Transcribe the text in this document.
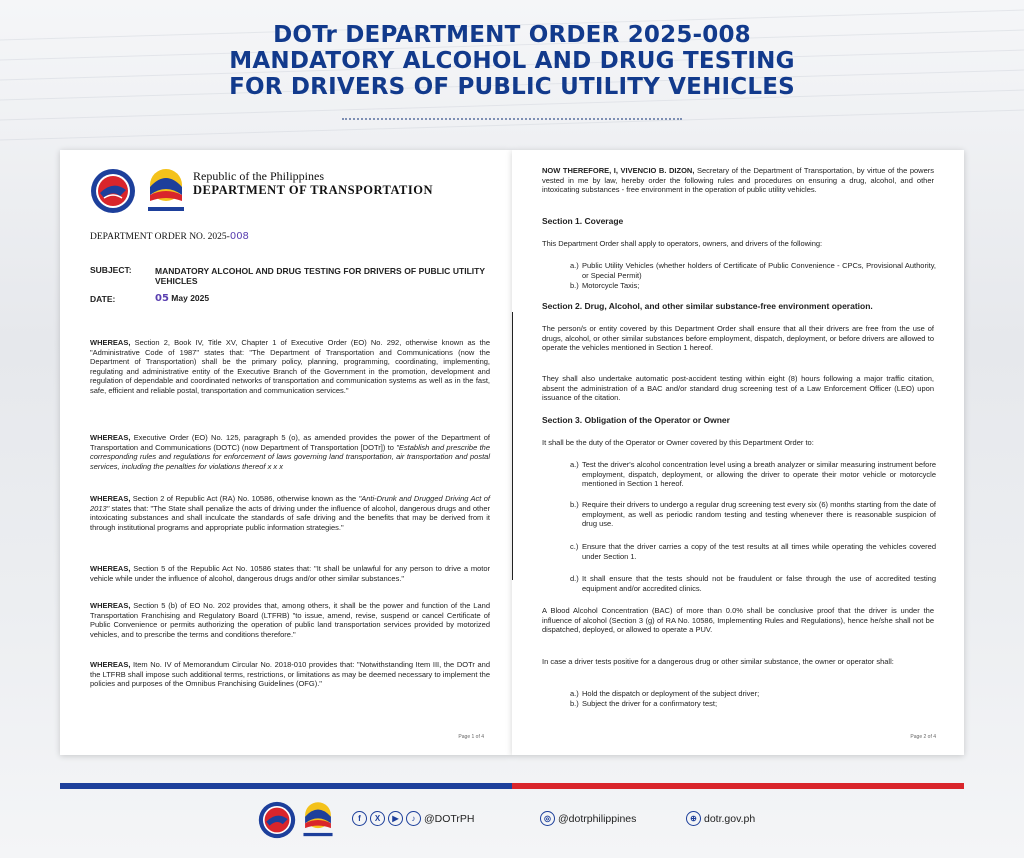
DOTr DEPARTMENT ORDER 2025-008
MANDATORY ALCOHOL AND DRUG TESTING
FOR DRIVERS OF PUBLIC UTILITY VEHICLES
Republic of the Philippines
DEPARTMENT OF TRANSPORTATION
DEPARTMENT ORDER NO. 2025-008
SUBJECT:	MANDATORY ALCOHOL AND DRUG TESTING FOR DRIVERS OF PUBLIC UTILITY VEHICLES
DATE:	05 May 2025

WHEREAS, Section 2, Book IV, Title XV, Chapter 1 of Executive Order (EO) No. 292, otherwise known as the "Administrative Code of 1987" states that: "The Department of Transportation and Communications (now the Department of Transportation) shall be the primary policy, planning, programming, coordinating, implementing, regulating and administrative entity of the Executive Branch of the Government in the promotion, development and regulation of dependable and coordinated networks of transportation and communication systems as well as in the fast, safe, efficient and reliable postal, transportation and communication services."

WHEREAS, Executive Order (EO) No. 125, paragraph 5 (o), as amended provides the power of the Department of Transportation and Communications (DOTC) (now Department of Transportation [DOTr]) to "Establish and prescribe the corresponding rules and regulations for enforcement of laws governing land transportation, air transportation and postal services, including the penalties for violations thereof x x x

WHEREAS, Section 2 of Republic Act (RA) No. 10586, otherwise known as the "Anti-Drunk and Drugged Driving Act of 2013" states that: "The State shall penalize the acts of driving under the influence of alcohol, dangerous drugs and other intoxicating substances and shall inculcate the standards of safe driving and the benefits that may be derived from it through institutional programs and appropriate public information strategies."

WHEREAS, Section 5 of the Republic Act No. 10586 states that: "It shall be unlawful for any person to drive a motor vehicle while under the influence of alcohol, dangerous drugs and/or other similar substances."

WHEREAS, Section 5 (b) of EO No. 202 provides that, among others, it shall be the power and function of the Land Transportation Franchising and Regulatory Board (LTFRB) "to issue, amend, revise, suspend or cancel Certificate of Public Convenience or permits authorizing the operation of public land transportation services provided by motorized vehicles, and to prescribe the terms and conditions therefore."

WHEREAS, Item No. IV of Memorandum Circular No. 2018-010 provides that: "Notwithstanding Item III, the DOTr and the LTFRB shall impose such additional terms, restrictions, or limitations as may be deemed necessary to implement the policies and purposes of the Omnibus Franchising Guidelines (OFG)."

Page 1 of 4

NOW THEREFORE, I, VIVENCIO B. DIZON, Secretary of the Department of Transportation, by virtue of the powers vested in me by law, hereby order the following rules and procedures on ensuring a drug, alcohol, and other intoxicating substances - free environment in the operation of public utility vehicles.

Section 1. Coverage

This Department Order shall apply to operators, owners, and drivers of the following:

a.) Public Utility Vehicles (whether holders of Certificate of Public Convenience - CPCs, Provisional Authority, or Special Permit)
b.) Motorcycle Taxis;
Section 2. Drug, Alcohol, and other similar substance-free environment operation.

The person/s or entity covered by this Department Order shall ensure that all their drivers are free from the use of drugs, alcohol, or other similar substances before employment, dispatch, deployment, or before drivers are allowed to operate the vehicles mentioned in Section 1 hereof.

They shall also undertake automatic post-accident testing within eight (8) hours following a major traffic citation, absent the administration of a BAC and/or standard drug screening test of a Law Enforcement Officer (LEO) upon issuance of the citation.

Section 3. Obligation of the Operator or Owner

It shall be the duty of the Operator or Owner covered by this Department Order to:

a.) Test the driver's alcohol concentration level using a breath analyzer or similar measuring instrument before employment, dispatch, deployment, or allowing the driver to operate their motor vehicle or motorcycle mentioned in Section 1 hereof.
b.) Require their drivers to undergo a regular drug screening test every six (6) months starting from the date of employment, as well as periodic random testing and testing whenever there is reasonable suspicion of drug use.
c.) Ensure that the driver carries a copy of the test results at all times while operating the vehicles covered under Section 1.
d.) It shall ensure that the tests should not be fraudulent or false through the use of accredited testing equipment and/or accredited clinics.

A Blood Alcohol Concentration (BAC) of more than 0.0% shall be conclusive proof that the driver is under the influence of alcohol (Section 3 (g) of RA No. 10586, Implementing Rules and Regulations), hence he/she shall not be dispatched, deployed, or allowed to operate a PUV.

In case a driver tests positive for a dangerous drug or other similar substance, the owner or operator shall:

a.) Hold the dispatch or deployment of the subject driver;
b.) Subject the driver for a confirmatory test;
Page 2 of 4
f	X	▶	♪ @DOTrPH	◎ @dotrphilippines	⊕ dotr.gov.ph
